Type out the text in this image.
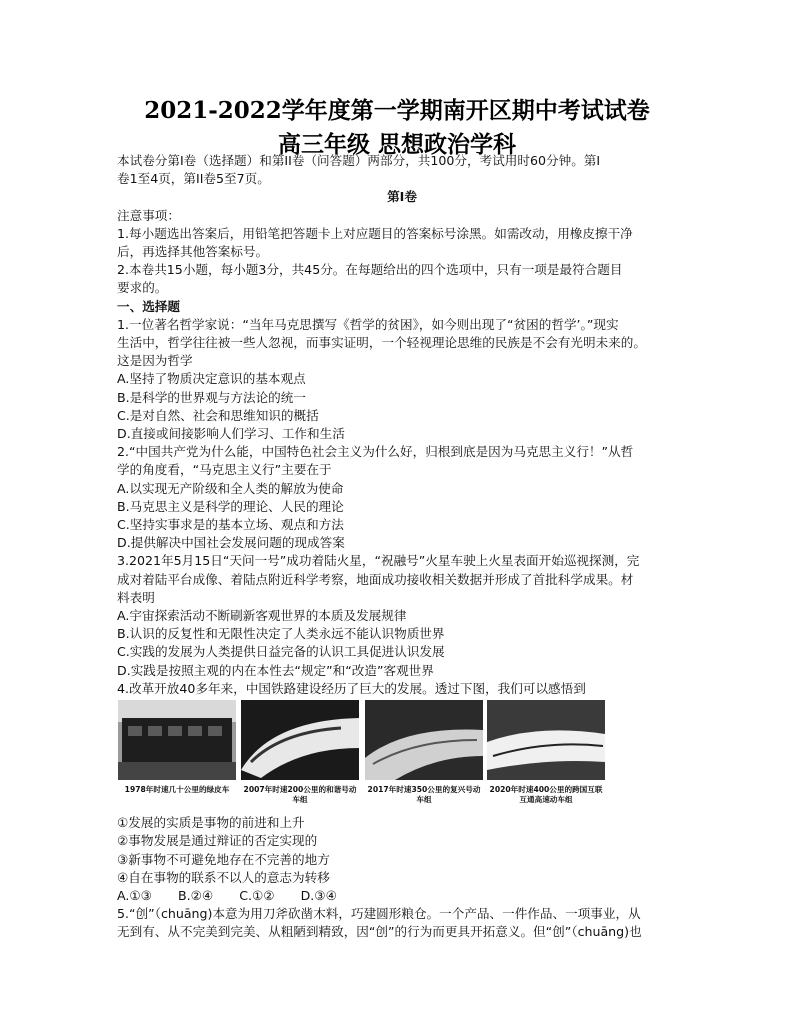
2021-2022学年度第一学期南开区期中考试试卷
高三年级 思想政治学科

本试卷分第I卷（选择题）和第II卷（问答题）两部分，共100分，考试用时60分钟。第I

卷1至4页，第II卷5至7页。

第I卷

注意事项：

1.每小题选出答案后，用铅笔把答题卡上对应题目的答案标号涂黑。如需改动，用橡皮擦干净

后，再选择其他答案标号。

2.本卷共15小题，每小题3分，共45分。在每题给出的四个选项中，只有一项是最符合题目

要求的。

一、选择题

1.一位著名哲学家说：“当年马克思撰写《哲学的贫困》，如今则出现了“贫困的哲学’。”现实

生活中，哲学往往被一些人忽视，而事实证明，一个轻视理论思维的民族是不会有光明未来的。

这是因为哲学

A.坚持了物质决定意识的基本观点

B.是科学的世界观与方法论的统一

C.是对自然、社会和思维知识的概括

D.直接或间接影响人们学习、工作和生活

2.“中国共产党为什么能，中国特色社会主义为什么好，归根到底是因为马克思主义行！”从哲

学的角度看，“马克思主义行”主要在于

A.以实现无产阶级和全人类的解放为使命

B.马克思主义是科学的理论、人民的理论

C.坚持实事求是的基本立场、观点和方法

D.提供解决中国社会发展问题的现成答案

3.2021年5月15日“天问一号”成功着陆火星，“祝融号”火星车驶上火星表面开始巡视探测，完

成对着陆平台成像、着陆点附近科学考察，地面成功接收相关数据并形成了首批科学成果。材

料表明

A.宇宙探索活动不断刷新客观世界的本质及发展规律

B.认识的反复性和无限性决定了人类永远不能认识物质世界

C.实践的发展为人类提供日益完备的认识工具促进认识发展

D.实践是按照主观的内在本性去“规定”和“改造”客观世界

4.改革开放40多年来，中国铁路建设经历了巨大的发展。透过下图，我们可以感悟到

1978年时速几十公里的绿皮车	2007年时速200公里的和谐号动车组
2017年时速350公里的复兴号动车组
2020年时速400公里的跨国互联互通高速动车组

①发展的实质是事物的前进和上升

②事物发展是通过辩证的否定实现的

③新事物不可避免地存在不完善的地方

④自在事物的联系不以人的意志为转移

A.①③ B.②④ C.①② D.③④

5.“创”（chuāng)本意为用刀斧砍凿木料，巧建圆形粮仓。一个产品、一件作品、一项事业，从

无到有、从不完美到完美、从粗陋到精致，因“创”的行为而更具开拓意义。但“创”（chuāng)也
